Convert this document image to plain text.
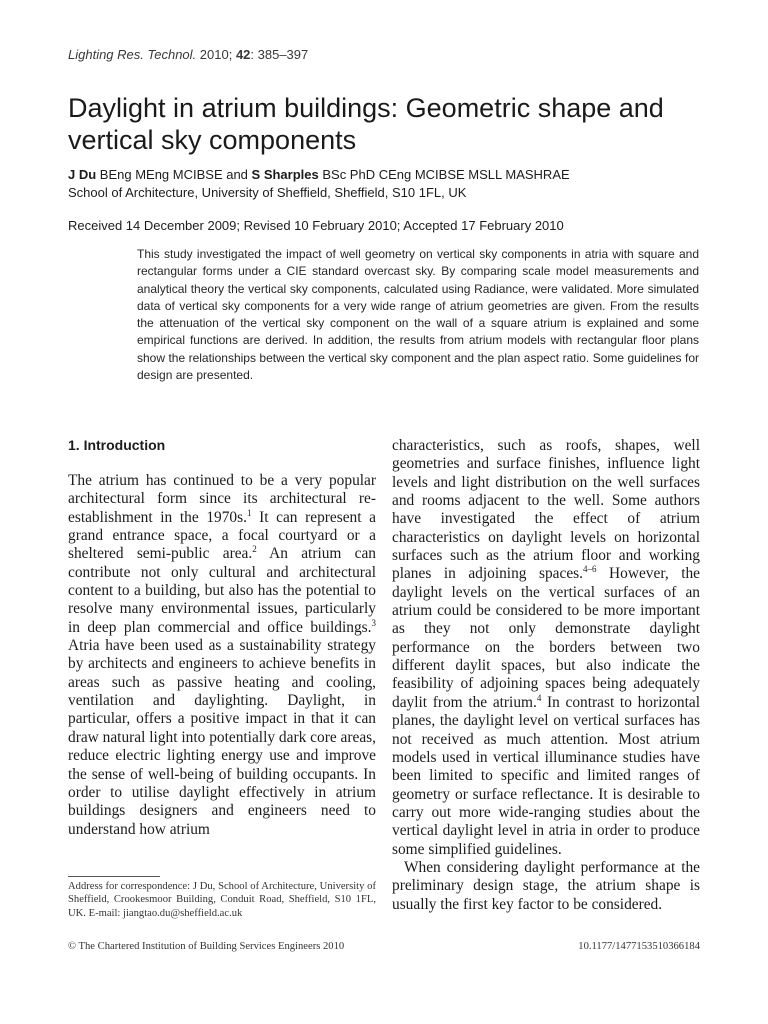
Lighting Res. Technol. 2010; 42: 385–397
Daylight in atrium buildings: Geometric shape and vertical sky components
J Du BEng MEng MCIBSE and S Sharples BSc PhD CEng MCIBSE MSLL MASHRAE
School of Architecture, University of Sheffield, Sheffield, S10 1FL, UK
Received 14 December 2009; Revised 10 February 2010; Accepted 17 February 2010
This study investigated the impact of well geometry on vertical sky components in atria with square and rectangular forms under a CIE standard overcast sky. By comparing scale model measurements and analytical theory the vertical sky components, calculated using Radiance, were validated. More simulated data of vertical sky components for a very wide range of atrium geometries are given. From the results the attenuation of the vertical sky component on the wall of a square atrium is explained and some empirical functions are derived. In addition, the results from atrium models with rectangular floor plans show the relationships between the vertical sky component and the plan aspect ratio. Some guidelines for design are presented.
1. Introduction

The atrium has continued to be a very popular architectural form since its architectural re-establishment in the 1970s.$^1$ It can represent a grand entrance space, a focal courtyard or a sheltered semi-public area.$^2$ An atrium can contribute not only cultural and architectural content to a building, but also has the potential to resolve many environmental issues, particularly in deep plan commercial and office buildings.$^3$ Atria have been used as a sustainability strategy by architects and engineers to achieve benefits in areas such as passive heating and cooling, ventilation and daylighting. Daylight, in particular, offers a positive impact in that it can draw natural light into potentially dark core areas, reduce electric lighting energy use and improve the sense of well-being of building occupants. In order to utilise daylight effectively in atrium buildings designers and engineers need to understand how atrium

characteristics, such as roofs, shapes, well geometries and surface finishes, influence light levels and light distribution on the well surfaces and rooms adjacent to the well. Some authors have investigated the effect of atrium characteristics on daylight levels on horizontal surfaces such as the atrium floor and working planes in adjoining spaces.$^{4-6}$ However, the daylight levels on the vertical surfaces of an atrium could be considered to be more important as they not only demonstrate daylight performance on the borders between two different daylit spaces, but also indicate the feasibility of adjoining spaces being adequately daylit from the atrium.$^4$ In contrast to horizontal planes, the daylight level on vertical surfaces has not received as much attention. Most atrium models used in vertical illuminance studies have been limited to specific and limited ranges of geometry or surface reflectance. It is desirable to carry out more wide-ranging studies about the vertical daylight level in atria in order to produce some simplified guidelines.

When considering daylight performance at the preliminary design stage, the atrium shape is usually the first key factor to be considered.

Address for correspondence: J Du, School of Architecture, University of Sheffield, Crookesmoor Building, Conduit Road, Sheffield, S10 1FL, UK. E-mail: jiangtao.du@sheffield.ac.uk
© The Chartered Institution of Building Services Engineers 2010	10.1177/1477153510366184
